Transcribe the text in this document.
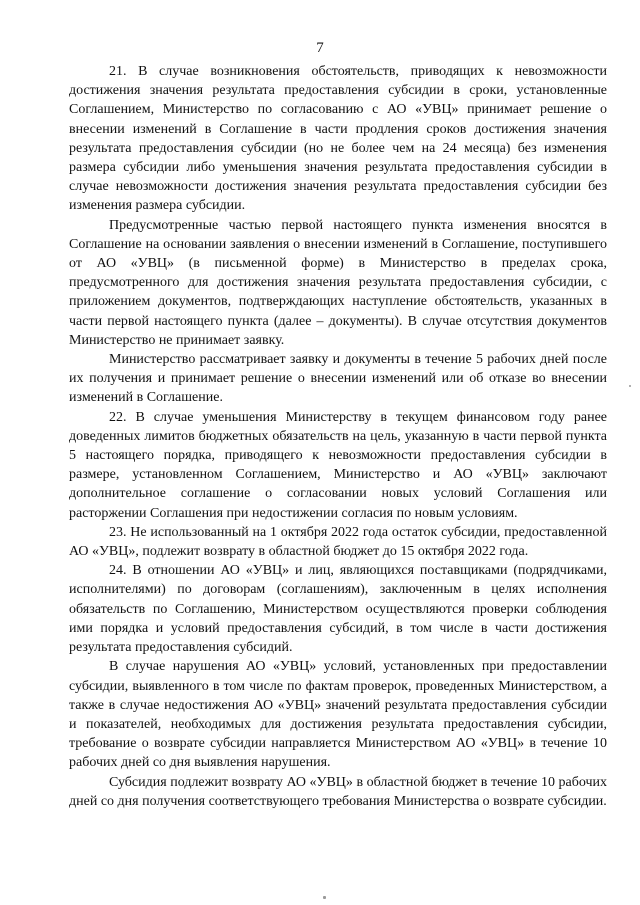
7

21. В случае возникновения обстоятельств, приводящих к невозможности достижения значения результата предоставления субсидии в сроки, установленные Соглашением, Министерство по согласованию с АО «УВЦ» принимает решение о внесении изменений в Соглашение в части продления сроков достижения значения результата предоставления субсидии (но не более чем на 24 месяца) без изменения размера субсидии либо уменьшения значения результата предоставления субсидии в случае невозможности достижения значения результата предоставления субсидии без изменения размера субсидии.

Предусмотренные частью первой настоящего пункта изменения вносятся в Соглашение на основании заявления о внесении изменений в Соглашение, поступившего от АО «УВЦ» (в письменной форме) в Министерство в пределах срока, предусмотренного для достижения значения результата предоставления субсидии, с приложением документов, подтверждающих наступление обстоятельств, указанных в части первой настоящего пункта (далее – документы). В случае отсутствия документов Министерство не принимает заявку.

Министерство рассматривает заявку и документы в течение 5 рабочих дней после их получения и принимает решение о внесении изменений или об отказе во внесении изменений в Соглашение.

22. В случае уменьшения Министерству в текущем финансовом году ранее доведенных лимитов бюджетных обязательств на цель, указанную в части первой пункта 5 настоящего порядка, приводящего к невозможности предоставления субсидии в размере, установленном Соглашением, Министерство и АО «УВЦ» заключают дополнительное соглашение о согласовании новых условий Соглашения или расторжении Соглашения при недостижении согласия по новым условиям.

23. Не использованный на 1 октября 2022 года остаток субсидии, предоставленной АО «УВЦ», подлежит возврату в областной бюджет до 15 октября 2022 года.

24. В отношении АО «УВЦ» и лиц, являющихся поставщиками (подрядчиками, исполнителями) по договорам (соглашениям), заключенным в целях исполнения обязательств по Соглашению, Министерством осуществляются проверки соблюдения ими порядка и условий предоставления субсидий, в том числе в части достижения результата предоставления субсидий.

В случае нарушения АО «УВЦ» условий, установленных при предоставлении субсидии, выявленного в том числе по фактам проверок, проведенных Министерством, а также в случае недостижения АО «УВЦ» значений результата предоставления субсидии и показателей, необходимых для достижения результата предоставления субсидии, требование о возврате субсидии направляется Министерством АО «УВЦ» в течение 10 рабочих дней со дня выявления нарушения.

Субсидия подлежит возврату АО «УВЦ» в областной бюджет в течение 10 рабочих дней со дня получения соответствующего требования Министерства о возврате субсидии.
